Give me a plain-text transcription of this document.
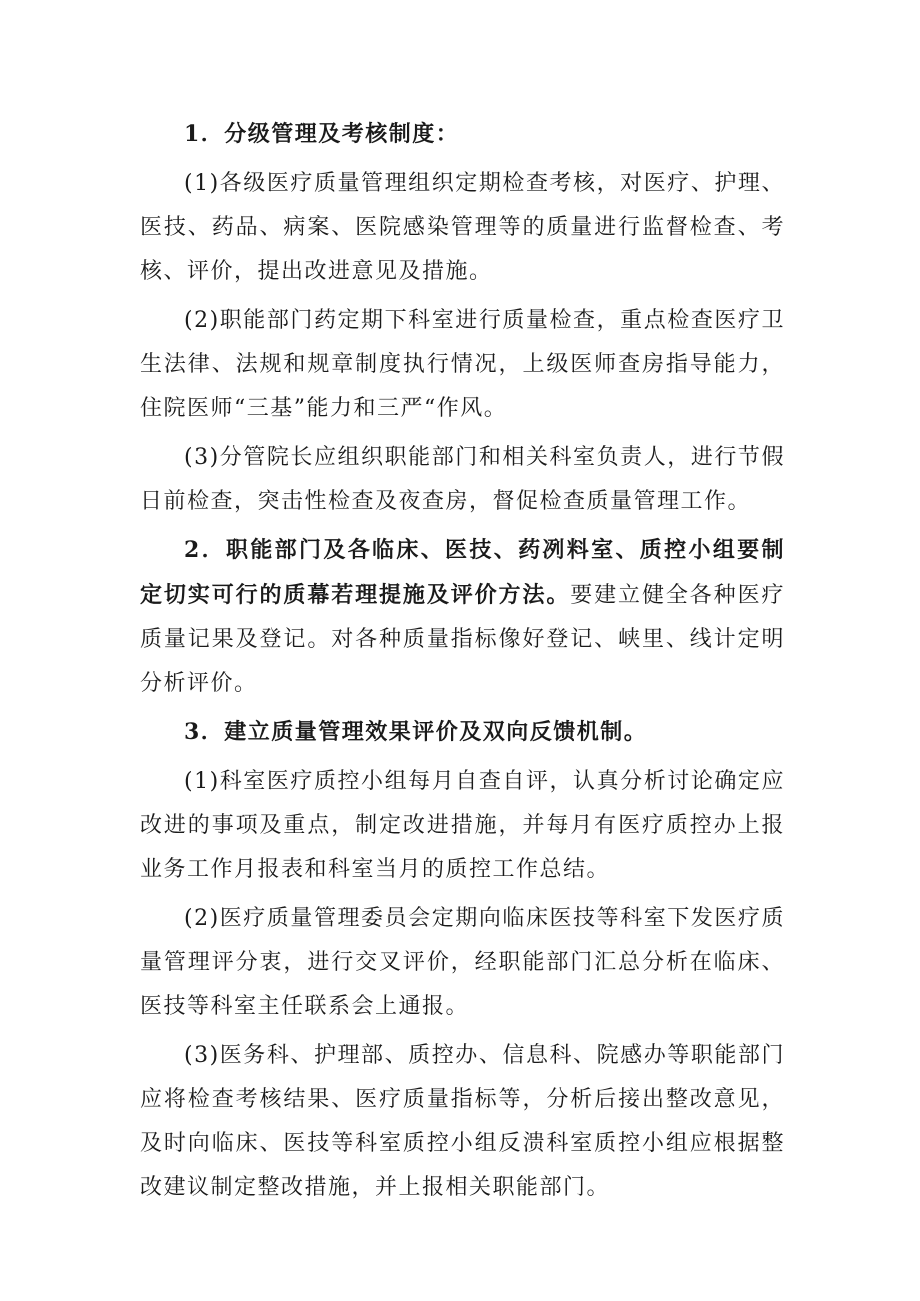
1．分级管理及考核制度：

(1)各级医疗质量管理组织定期检查考核，对医疗、护理、医技、药品、病案、医院感染管理等的质量进行监督检查、考核、评价，提出改进意见及措施。

(2)职能部门药定期下科室进行质量检查，重点检查医疗卫生法律、法规和规章制度执行情况，上级医师查房指导能力，住院医师“三基”能力和三严“作风。

(3)分管院长应组织职能部门和相关科室负责人，进行节假日前检查，突击性检查及夜查房，督促检查质量管理工作。

2．职能部门及各临床、医技、药冽料室、质控小组要制定切实可行的质幕若理提施及评价方法。要建立健全各种医疗质量记果及登记。对各种质量指标像好登记、峡里、线计定明分析评价。

3．建立质量管理效果评价及双向反馈机制。

(1)科室医疗质控小组每月自查自评，认真分析讨论确定应改进的事项及重点，制定改进措施，并每月有医疗质控办上报业务工作月报表和科室当月的质控工作总结。

(2)医疗质量管理委员会定期向临床医技等科室下发医疗质量管理评分衷，进行交叉评价，经职能部门汇总分析在临床、医技等科室主任联系会上通报。

(3)医务科、护理部、质控办、信息科、院感办等职能部门应将检查考核结果、医疗质量指标等，分析后接出整改意见，及时向临床、医技等科室质控小组反溃科室质控小组应根据整改建议制定整改措施，并上报相关职能部门。
